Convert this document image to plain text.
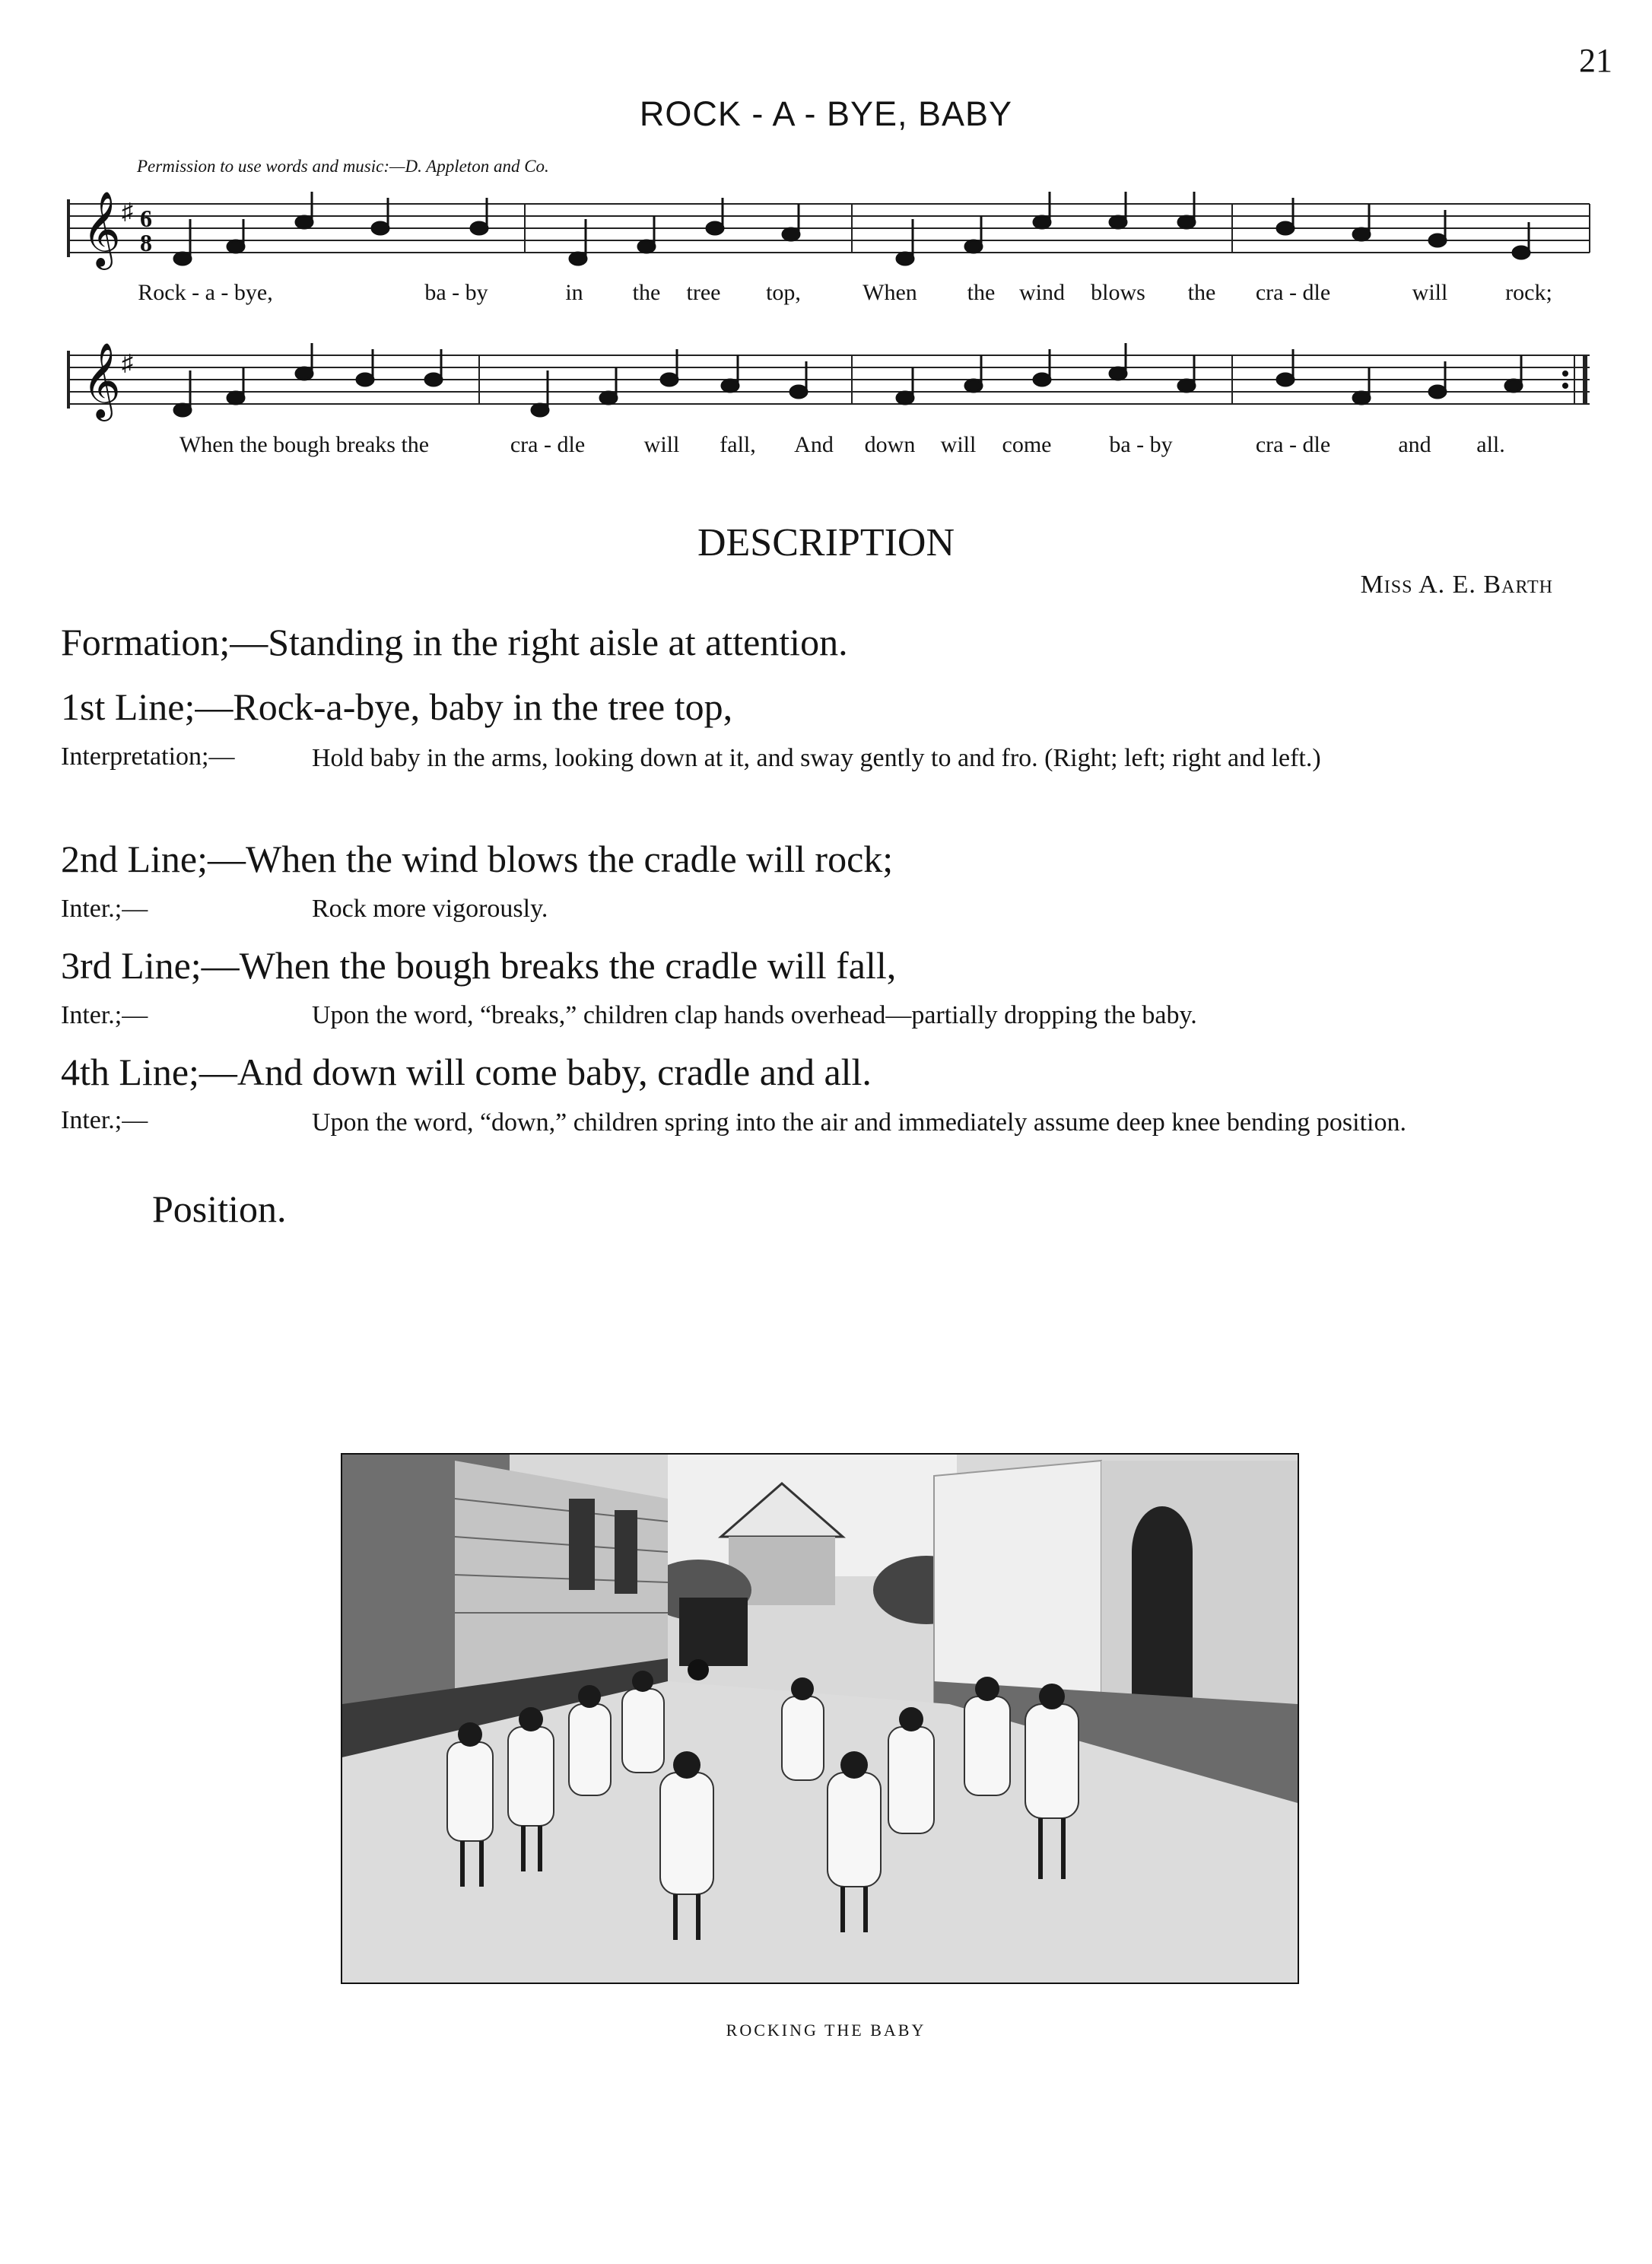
21
ROCK - A - BYE, BABY
Permission to use words and music:—D. Appleton and Co.
𝄞 ♯ 6
8
Rock - a - bye,	ba - by	in the tree top,	When the wind blows the cra - dle	will	rock;
𝄞 ♯
When the bough breaks the	cra - dle	will fall, And down will come	ba - by	cra - dle	and all.
DESCRIPTION
Miss A. E. Barth
Formation;—Standing in the right aisle at attention.
1st Line;—Rock-a-bye, baby in the tree top,
Interpretation;—	Hold baby in the arms, looking down at it, and sway gently to and fro. (Right; left; right and left.)
2nd Line;—When the wind blows the cradle will rock;
Inter.;—	Rock more vigorously.
3rd Line;—When the bough breaks the cradle will fall,
Inter.;—	Upon the word, “breaks,” children clap hands overhead—partially dropping the baby.
4th Line;—And down will come baby, cradle and all.
Inter.;—	Upon the word, “down,” children spring into the air and immediately assume deep knee bending position.
Position.
ROCKING THE BABY
